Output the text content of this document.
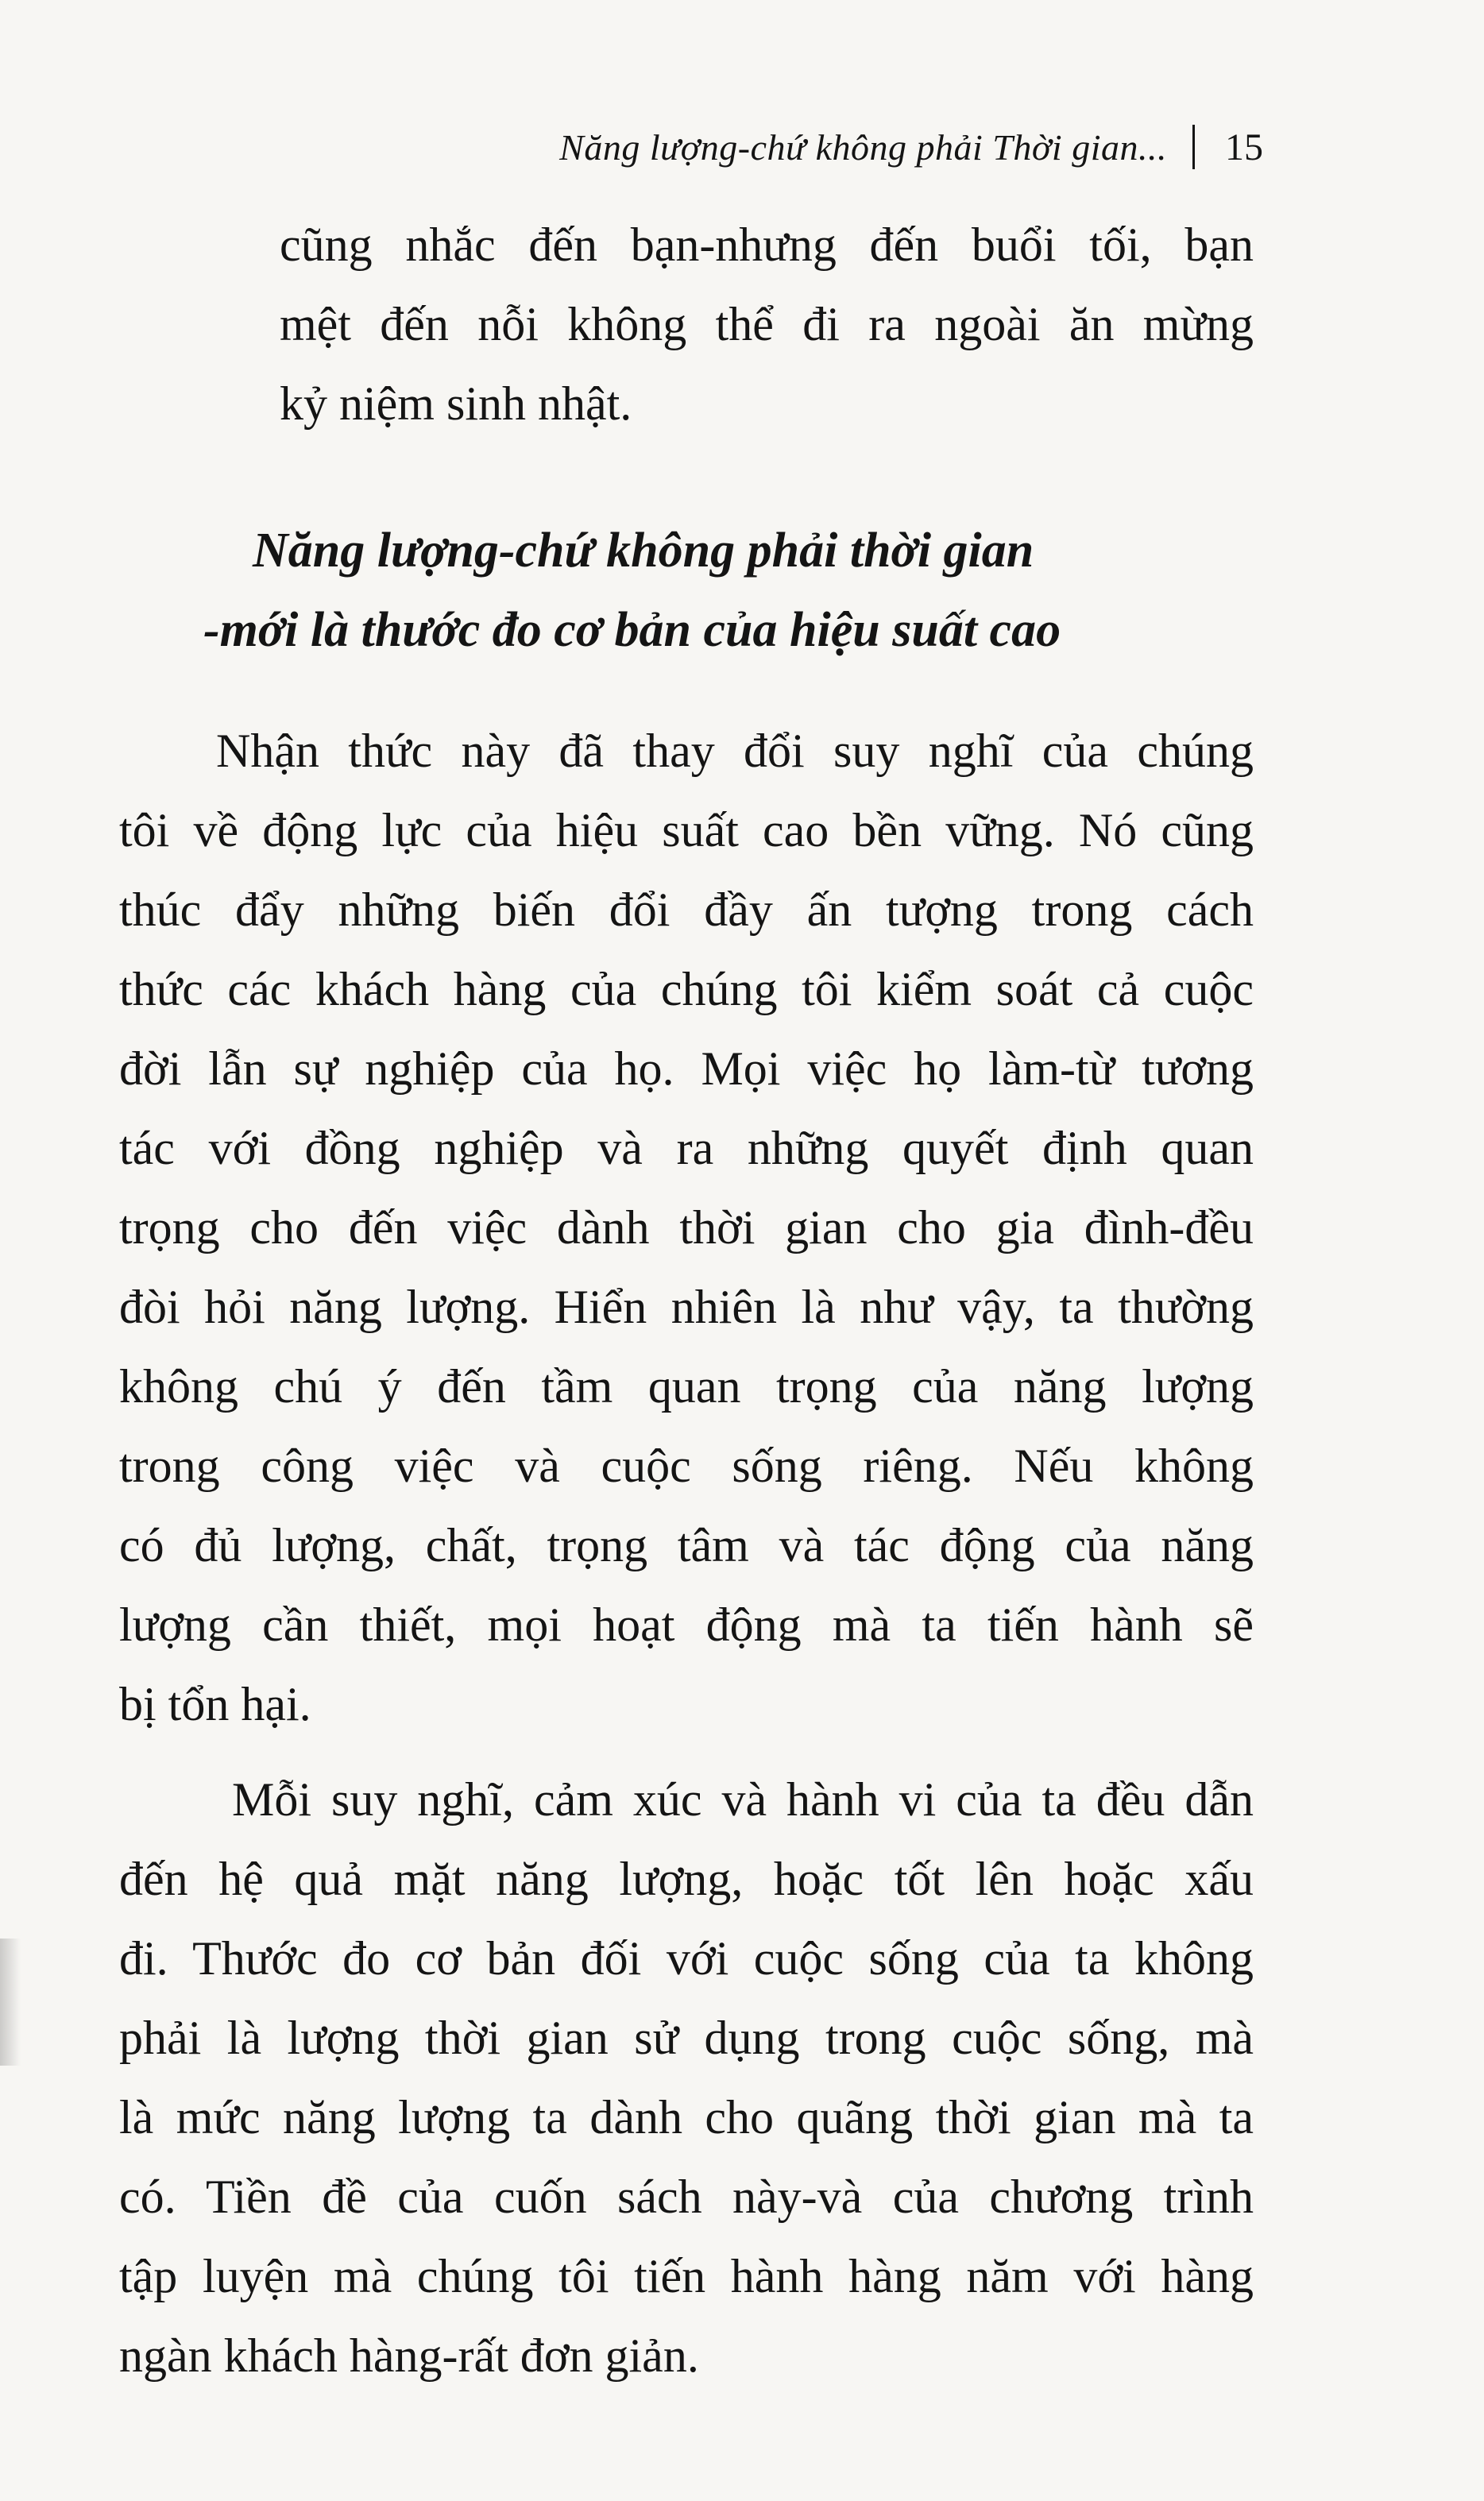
Năng lượng-chứ không phải Thời gian... 15

cũng nhắc đến bạn-nhưng đến buổi tối, bạn

mệt đến nỗi không thể đi ra ngoài ăn mừng

kỷ niệm sinh nhật.

Năng lượng-chứ không phải thời gian
-mới là thước đo cơ bản của hiệu suất cao

Nhận thức này đã thay đổi suy nghĩ của chúng

tôi về động lực của hiệu suất cao bền vững. Nó cũng

thúc đẩy những biến đổi đầy ấn tượng trong cách

thức các khách hàng của chúng tôi kiểm soát cả cuộc

đời lẫn sự nghiệp của họ. Mọi việc họ làm-từ tương

tác với đồng nghiệp và ra những quyết định quan

trọng cho đến việc dành thời gian cho gia đình-đều

đòi hỏi năng lượng. Hiển nhiên là như vậy, ta thường

không chú ý đến tầm quan trọng của năng lượng

trong công việc và cuộc sống riêng. Nếu không

có đủ lượng, chất, trọng tâm và tác động của năng

lượng cần thiết, mọi hoạt động mà ta tiến hành sẽ

bị tổn hại.

Mỗi suy nghĩ, cảm xúc và hành vi của ta đều dẫn

đến hệ quả mặt năng lượng, hoặc tốt lên hoặc xấu

đi. Thước đo cơ bản đối với cuộc sống của ta không

phải là lượng thời gian sử dụng trong cuộc sống, mà

là mức năng lượng ta dành cho quãng thời gian mà ta

có. Tiền đề của cuốn sách này-và của chương trình

tập luyện mà chúng tôi tiến hành hàng năm với hàng

ngàn khách hàng-rất đơn giản.
